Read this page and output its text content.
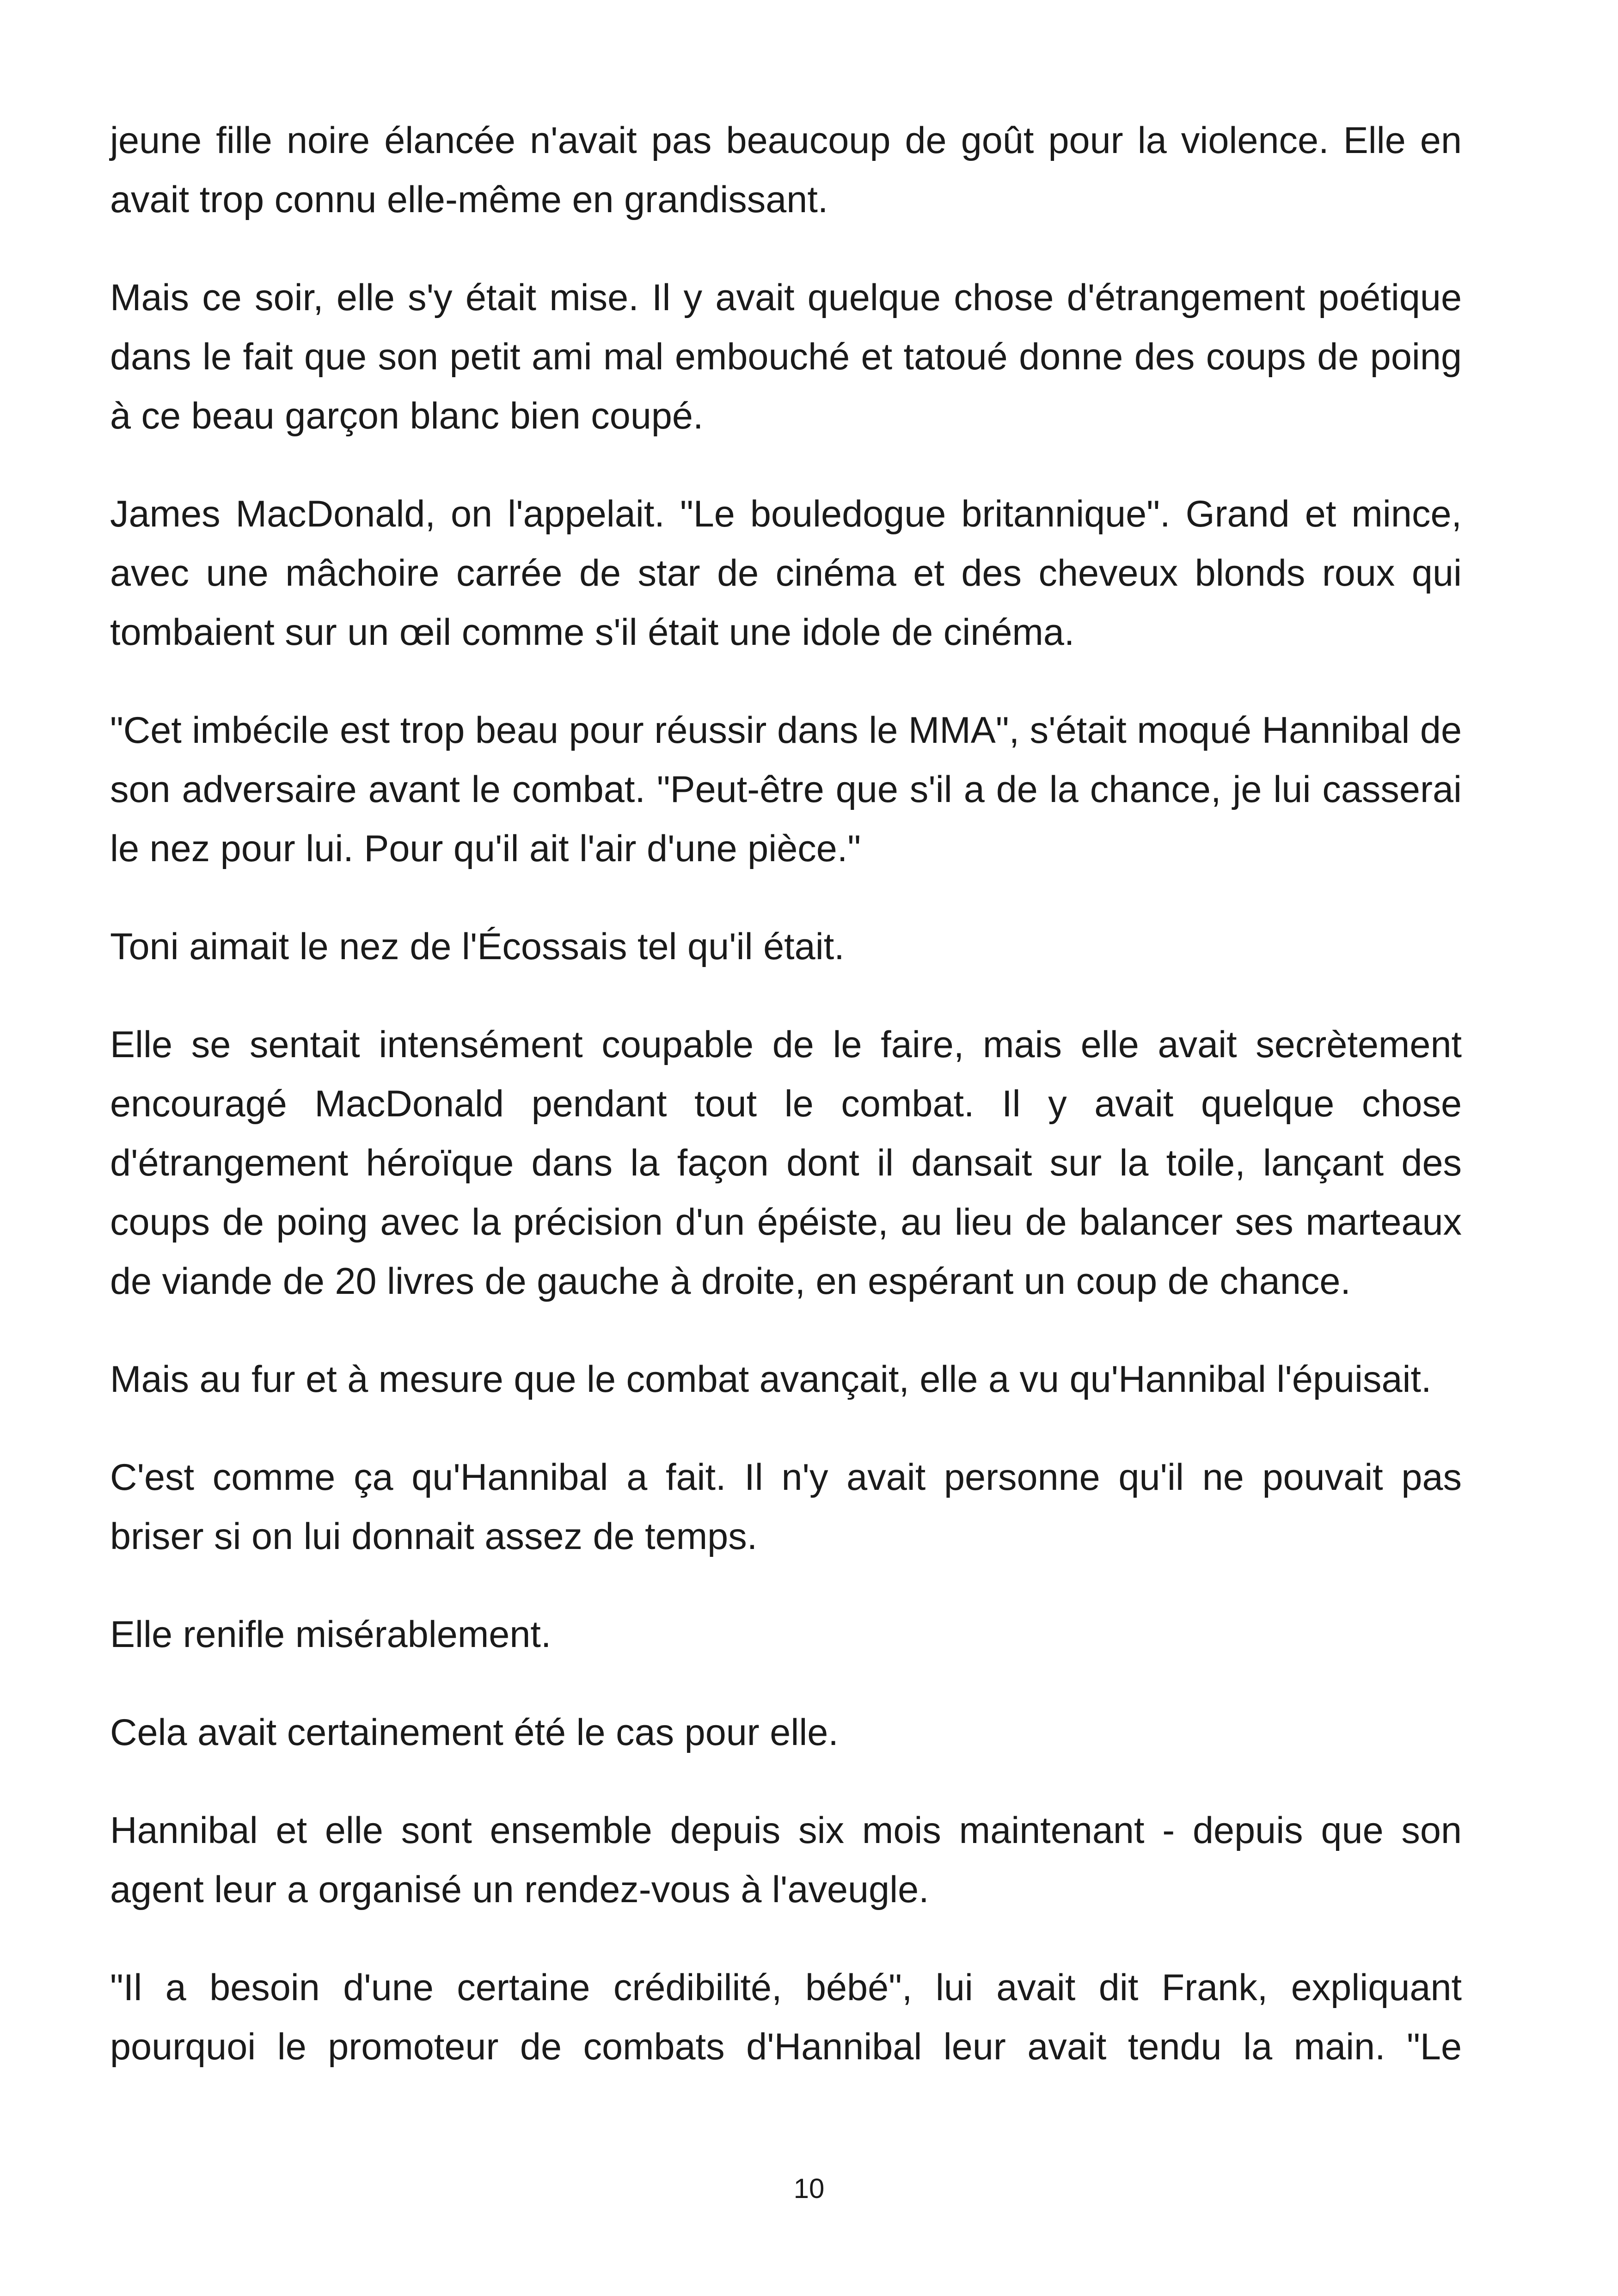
jeune fille noire élancée n'avait pas beaucoup de goût pour la violence. Elle en avait trop connu elle-même en grandissant.

Mais ce soir, elle s'y était mise. Il y avait quelque chose d'étrangement poétique dans le fait que son petit ami mal embouché et tatoué donne des coups de poing à ce beau garçon blanc bien coupé.

James MacDonald, on l'appelait. "Le bouledogue britannique". Grand et mince, avec une mâchoire carrée de star de cinéma et des cheveux blonds roux qui tombaient sur un œil comme s'il était une idole de cinéma.

"Cet imbécile est trop beau pour réussir dans le MMA", s'était moqué Hannibal de son adversaire avant le combat. "Peut-être que s'il a de la chance, je lui casserai le nez pour lui. Pour qu'il ait l'air d'une pièce."

Toni aimait le nez de l'Écossais tel qu'il était.

Elle se sentait intensément coupable de le faire, mais elle avait secrètement encouragé MacDonald pendant tout le combat. Il y avait quelque chose d'étrangement héroïque dans la façon dont il dansait sur la toile, lançant des coups de poing avec la précision d'un épéiste, au lieu de balancer ses marteaux de viande de 20 livres de gauche à droite, en espérant un coup de chance.

Mais au fur et à mesure que le combat avançait, elle a vu qu'Hannibal l'épuisait.

C'est comme ça qu'Hannibal a fait. Il n'y avait personne qu'il ne pouvait pas briser si on lui donnait assez de temps.

Elle renifle misérablement.

Cela avait certainement été le cas pour elle.

Hannibal et elle sont ensemble depuis six mois maintenant - depuis que son agent leur a organisé un rendez-vous à l'aveugle.

"Il a besoin d'une certaine crédibilité, bébé", lui avait dit Frank, expliquant pourquoi le promoteur de combats d'Hannibal leur avait tendu la main. "Le

10
